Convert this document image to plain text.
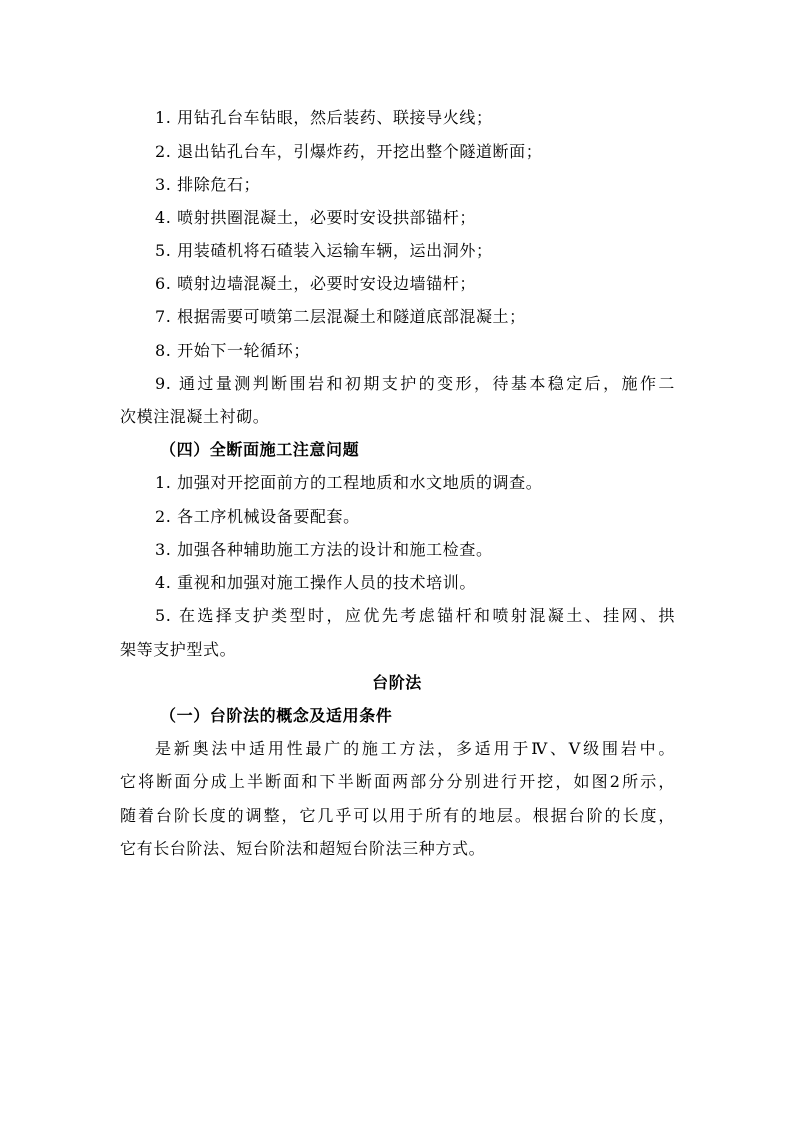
1. 用钻孔台车钻眼，然后装药、联接导火线；
2. 退出钻孔台车，引爆炸药，开挖出整个隧道断面；
3. 排除危石；
4. 喷射拱圈混凝土，必要时安设拱部锚杆；
5. 用装碴机将石碴装入运输车辆，运出洞外；
6. 喷射边墙混凝土，必要时安设边墙锚杆；
7. 根据需要可喷第二层混凝土和隧道底部混凝土；
8. 开始下一轮循环；
9. 通过量测判断围岩和初期支护的变形，待基本稳定后，施作二
次模注混凝土衬砌。
（四）全断面施工注意问题
1. 加强对开挖面前方的工程地质和水文地质的调查。
2. 各工序机械设备要配套。
3. 加强各种辅助施工方法的设计和施工检查。
4. 重视和加强对施工操作人员的技术培训。
5. 在选择支护类型时，应优先考虑锚杆和喷射混凝土、挂网、拱
架等支护型式。
台阶法
（一）台阶法的概念及适用条件
是新奥法中适用性最广的施工方法，多适用于Ⅳ、Ⅴ级围岩中。
它将断面分成上半断面和下半断面两部分分别进行开挖，如图2所示，
随着台阶长度的调整，它几乎可以用于所有的地层。根据台阶的长度，
它有长台阶法、短台阶法和超短台阶法三种方式。
